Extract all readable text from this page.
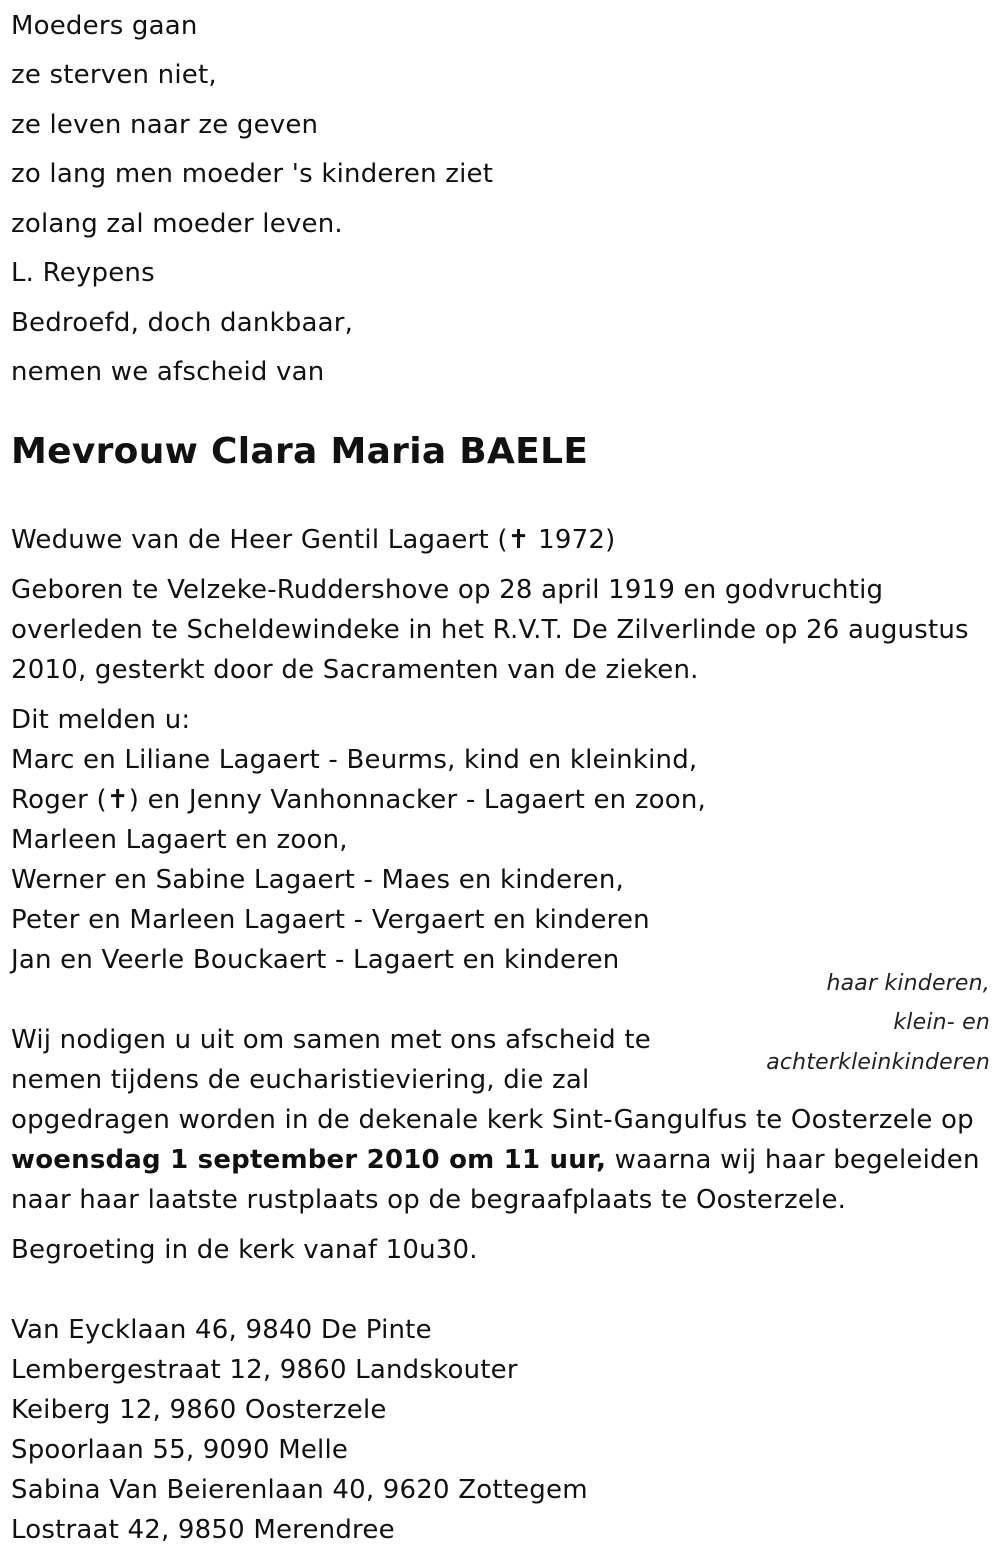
Moeders gaan
ze sterven niet,
ze leven naar ze geven
zo lang men moeder 's kinderen ziet
zolang zal moeder leven.
L. Reypens
Bedroefd, doch dankbaar,
nemen we afscheid van
Mevrouw Clara Maria BAELE
Weduwe van de Heer Gentil Lagaert (✝ 1972)
Geboren te Velzeke-Ruddershove op 28 april 1919 en godvruchtig
overleden te Scheldewindeke in het R.V.T. De Zilverlinde op 26 augustus
2010, gesterkt door de Sacramenten van de zieken.
Dit melden u:
Marc en Liliane Lagaert - Beurms, kind en kleinkind,
Roger (✝) en Jenny Vanhonnacker - Lagaert en zoon,
Marleen Lagaert en zoon,
Werner en Sabine Lagaert - Maes en kinderen,
Peter en Marleen Lagaert - Vergaert en kinderen
Jan en Veerle Bouckaert - Lagaert en kinderen
haar kinderen,
klein- en
achterkleinkinderen
Wij nodigen u uit om samen met ons afscheid te
nemen tijdens de eucharistieviering, die zal
opgedragen worden in de dekenale kerk Sint-Gangulfus te Oosterzele op
woensdag 1 september 2010 om 11 uur, waarna wij haar begeleiden
naar haar laatste rustplaats op de begraafplaats te Oosterzele.
Begroeting in de kerk vanaf 10u30.
Van Eycklaan 46, 9840 De Pinte
Lembergestraat 12, 9860 Landskouter
Keiberg 12, 9860 Oosterzele
Spoorlaan 55, 9090 Melle
Sabina Van Beierenlaan 40, 9620 Zottegem
Lostraat 42, 9850 Merendree
